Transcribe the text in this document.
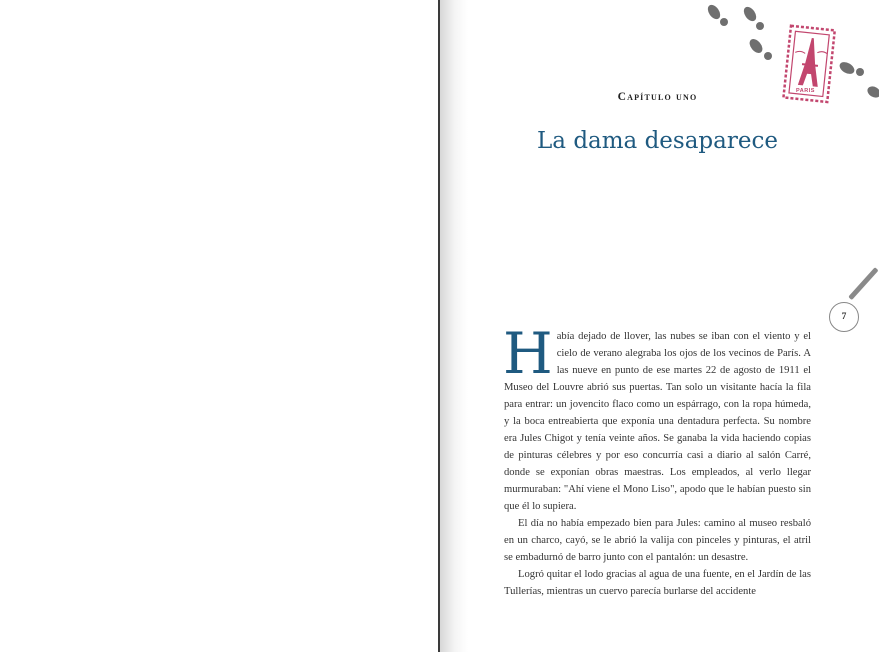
PARIS
Capítulo uno
La dama desaparece
7

Había dejado de llover, las nubes se iban con el viento y el cielo de verano alegraba los ojos de los vecinos de París. A las nueve en punto de ese martes 22 de agosto de 1911 el Museo del Louvre abrió sus puertas. Tan solo un visitante hacía la fila para entrar: un jovencito flaco como un espárrago, con la ropa húmeda, y la boca entreabierta que exponía una dentadura perfecta. Su nombre era Jules Chigot y tenía veinte años. Se ganaba la vida haciendo copias de pinturas célebres y por eso concurría casi a diario al salón Carré, donde se exponían obras maestras. Los empleados, al verlo llegar murmuraban: "Ahí viene el Mono Liso", apodo que le habían puesto sin que él lo supiera.

El día no había empezado bien para Jules: camino al museo resbaló en un charco, cayó, se le abrió la valija con pinceles y pinturas, el atril se embadurnó de barro junto con el pantalón: un desastre.

Logró quitar el lodo gracias al agua de una fuente, en el Jardín de las Tullerías, mientras un cuervo parecía burlarse del accidente
